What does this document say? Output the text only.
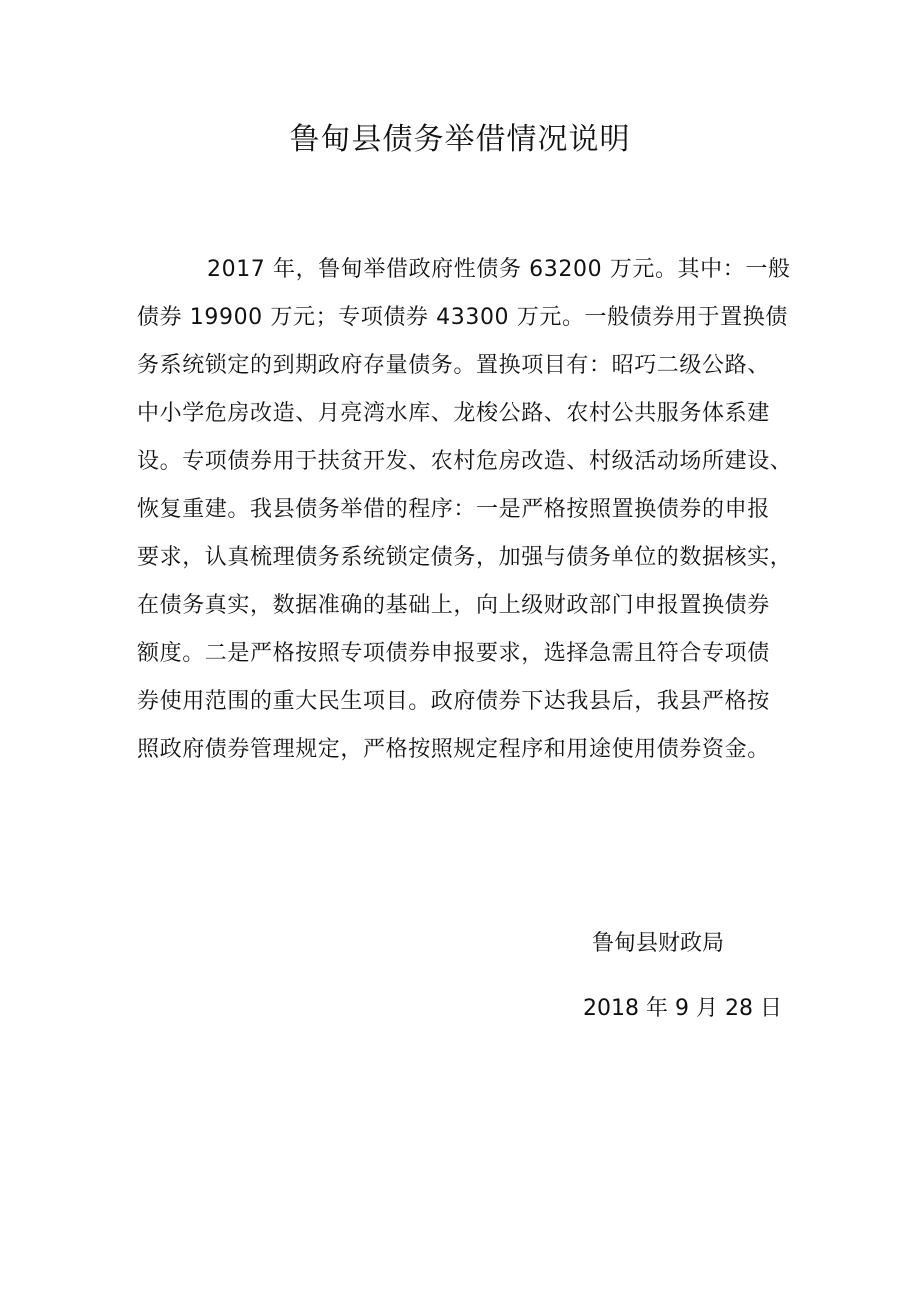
鲁甸县债务举借情况说明
2017 年，鲁甸举借政府性债务 63200 万元。其中：一般
债券 19900 万元；专项债券 43300 万元。一般债券用于置换债
务系统锁定的到期政府存量债务。置换项目有：昭巧二级公路、
中小学危房改造、月亮湾水库、龙梭公路、农村公共服务体系建
设。专项债券用于扶贫开发、农村危房改造、村级活动场所建设、
恢复重建。我县债务举借的程序：一是严格按照置换债券的申报
要求，认真梳理债务系统锁定债务，加强与债务单位的数据核实，
在债务真实，数据准确的基础上，向上级财政部门申报置换债券
额度。二是严格按照专项债券申报要求，选择急需且符合专项债
券使用范围的重大民生项目。政府债券下达我县后，我县严格按
照政府债券管理规定，严格按照规定程序和用途使用债券资金。
鲁甸县财政局
2018 年 9 月 28 日
